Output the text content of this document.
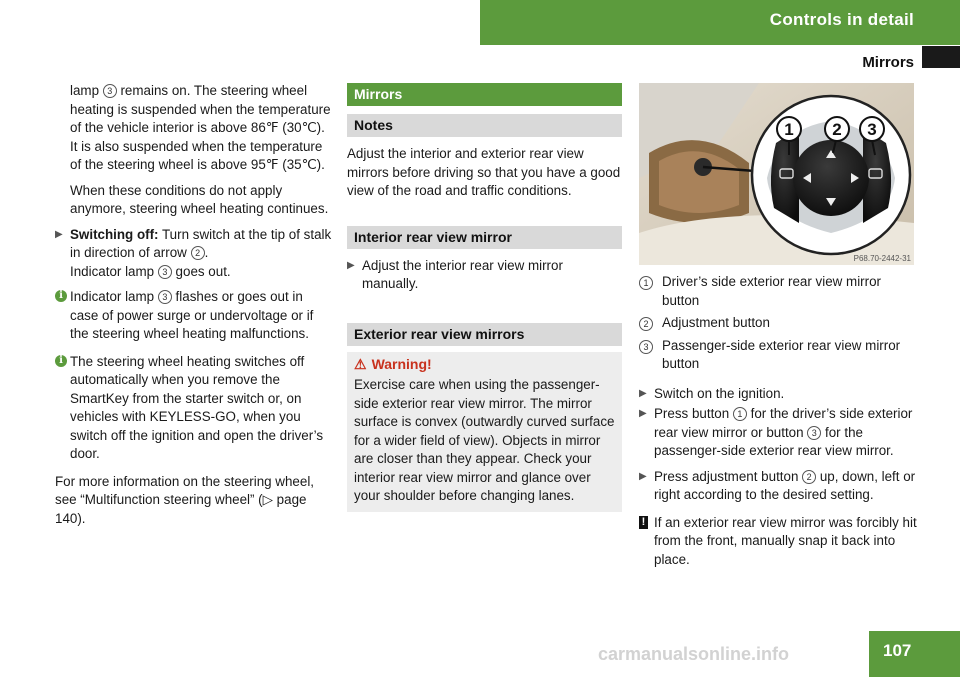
Controls in detail
Mirrors

lamp 3 remains on. The steering wheel heating is suspended when the temperature of the vehicle interior is above 86℉ (30℃). It is also suspended when the temperature of the steering wheel is above 95℉ (35℃).

When these conditions do not apply anymore, steering wheel heating continues.

▶ Switching off: Turn switch at the tip of stalk in direction of arrow 2 .
Indicator lamp 3 goes out.
i Indicator lamp 3 flashes or goes out in case of power surge or undervoltage or if the steering wheel heating malfunctions.
i The steering wheel heating switches off automatically when you remove the SmartKey from the starter switch or, on vehicles with KEYLESS-GO, when you switch off the ignition and open the driver’s door.

For more information on the steering wheel, see “Multifunction steering wheel” (▷ page 140).

Mirrors
Notes

Adjust the interior and exterior rear view mirrors before driving so that you have a good view of the road and traffic conditions.

Interior rear view mirror
▶ Adjust the interior rear view mirror manually.
Exterior rear view mirrors
⚠ Warning!
Exercise care when using the passenger-side exterior rear view mirror. The mirror surface is convex (outwardly curved surface for a wider field of view). Objects in mirror are closer than they appear. Check your interior rear view mirror and glance over your shoulder before changing lanes.
1 2 3
P68.70-2442-31
1	Driver’s side exterior rear view mirror button
2	Adjustment button
3	Passenger-side exterior rear view mirror button
▶ Switch on the ignition.
▶ Press button 1 for the driver’s side exterior rear view mirror or button 3 for the passenger-side exterior rear view mirror.
▶ Press adjustment button 2 up, down, left or right according to the desired setting.
! If an exterior rear view mirror was forcibly hit from the front, manually snap it back into place.
107
carmanualsonline.info
